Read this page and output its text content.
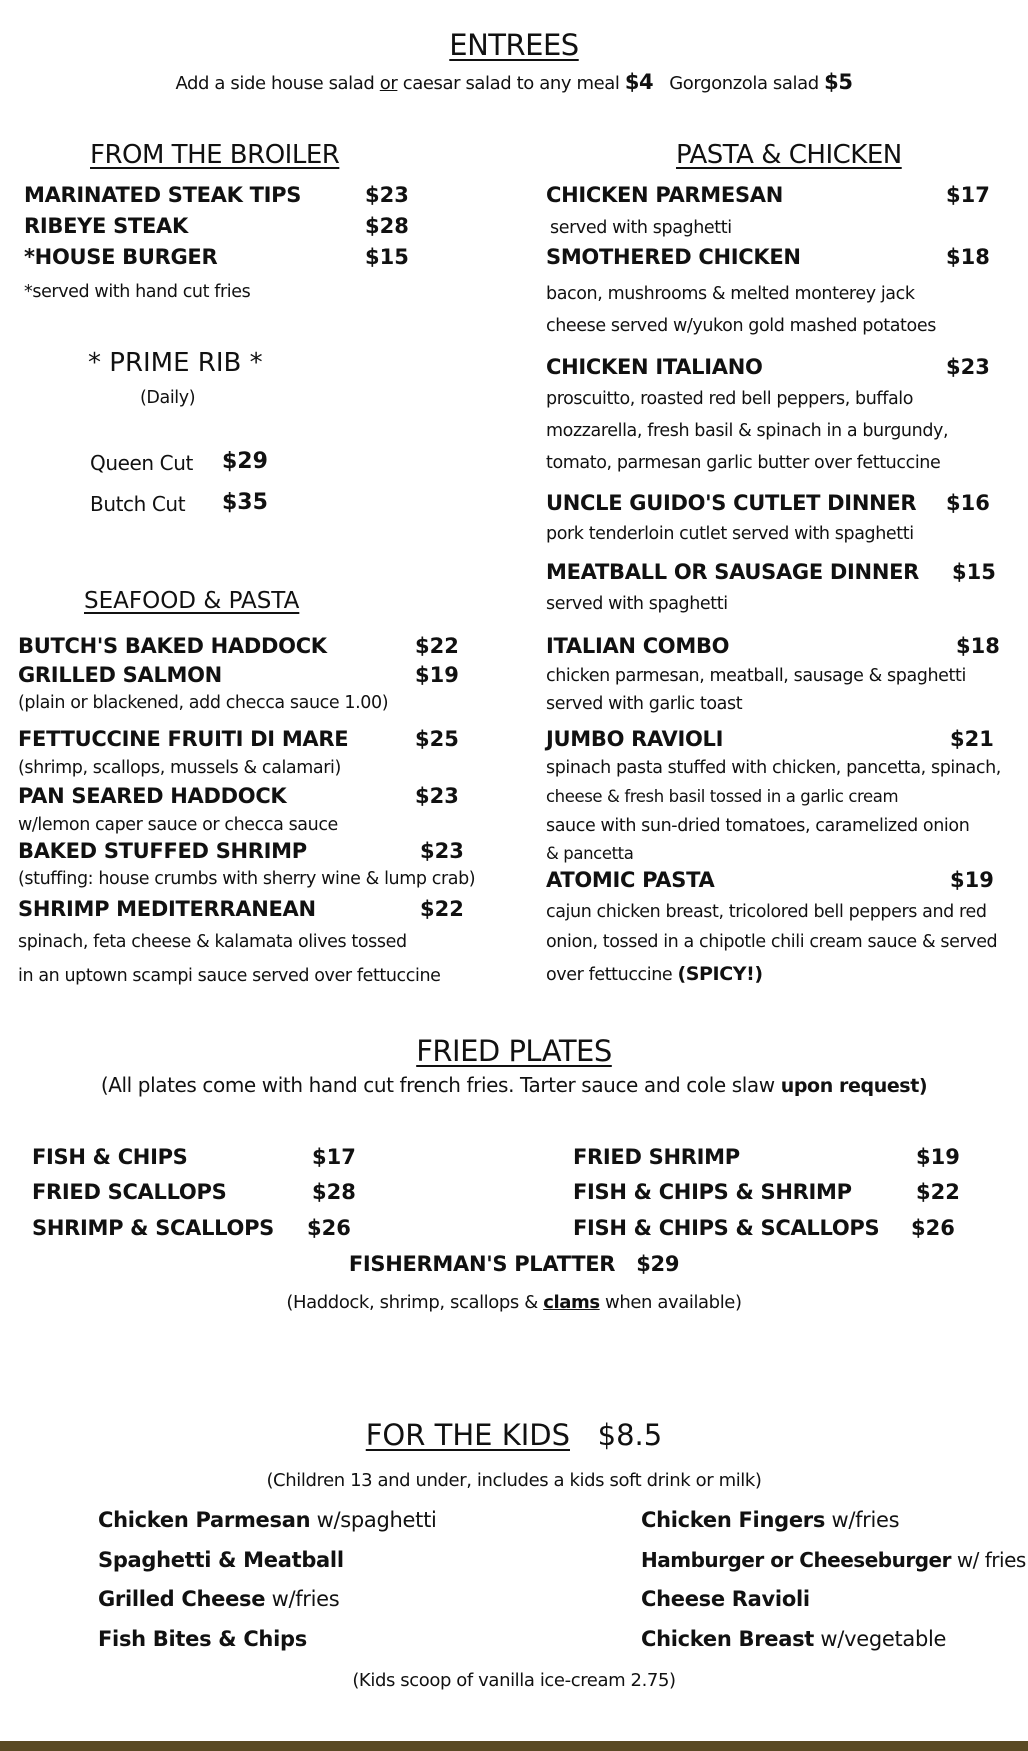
ENTREES
Add a side house salad or caesar salad to any meal $4 Gorgonzola salad $5
FROM THE BROILER
MARINATED STEAK TIPS	$23
RIBEYE STEAK	$28
*HOUSE BURGER	$15
*served with hand cut fries
* PRIME RIB *
(Daily)
Queen Cut $29
Butch Cut $35
SEAFOOD & PASTA
BUTCH'S BAKED HADDOCK	$22
GRILLED SALMON	$19
(plain or blackened, add checca sauce 1.00)
FETTUCCINE FRUITI DI MARE	$25
(shrimp, scallops, mussels & calamari)
PAN SEARED HADDOCK	$23
w/lemon caper sauce or checca sauce
BAKED STUFFED SHRIMP	$23
(stuffing: house crumbs with sherry wine & lump crab)
SHRIMP MEDITERRANEAN	$22
spinach, feta cheese & kalamata olives tossed
in an uptown scampi sauce served over fettuccine
PASTA & CHICKEN
CHICKEN PARMESAN	$17
served with spaghetti
SMOTHERED CHICKEN	$18
bacon, mushrooms & melted monterey jack
cheese served w/yukon gold mashed potatoes
CHICKEN ITALIANO	$23
proscuitto, roasted red bell peppers, buffalo
mozzarella, fresh basil & spinach in a burgundy,
tomato, parmesan garlic butter over fettuccine
UNCLE GUIDO'S CUTLET DINNER $16
pork tenderloin cutlet served with spaghetti
MEATBALL OR SAUSAGE DINNER $15
served with spaghetti
ITALIAN COMBO	$18
chicken parmesan, meatball, sausage & spaghetti
served with garlic toast
JUMBO RAVIOLI	$21
spinach pasta stuffed with chicken, pancetta, spinach,
cheese & fresh basil tossed in a garlic cream
sauce with sun-dried tomatoes, caramelized onion
& pancetta
ATOMIC PASTA	$19
cajun chicken breast, tricolored bell peppers and red
onion, tossed in a chipotle chili cream sauce & served
over fettuccine (SPICY!)
FRIED PLATES
(All plates come with hand cut french fries. Tarter sauce and cole slaw upon request)
FISH & CHIPS	$17
FRIED SCALLOPS	$28
SHRIMP & SCALLOPS $26
FRIED SHRIMP	$19
FISH & CHIPS & SHRIMP	$22
FISH & CHIPS & SCALLOPS $26
FISHERMAN'S PLATTER $29
(Haddock, shrimp, scallops & clams when available)
FOR THE KIDS $8.5
(Children 13 and under, includes a kids soft drink or milk)
Chicken Parmesan w/spaghetti
Spaghetti & Meatball
Grilled Cheese w/fries
Fish Bites & Chips
Chicken Fingers w/fries
Hamburger or Cheeseburger w/ fries
Cheese Ravioli
Chicken Breast w/vegetable
(Kids scoop of vanilla ice-cream 2.75)
